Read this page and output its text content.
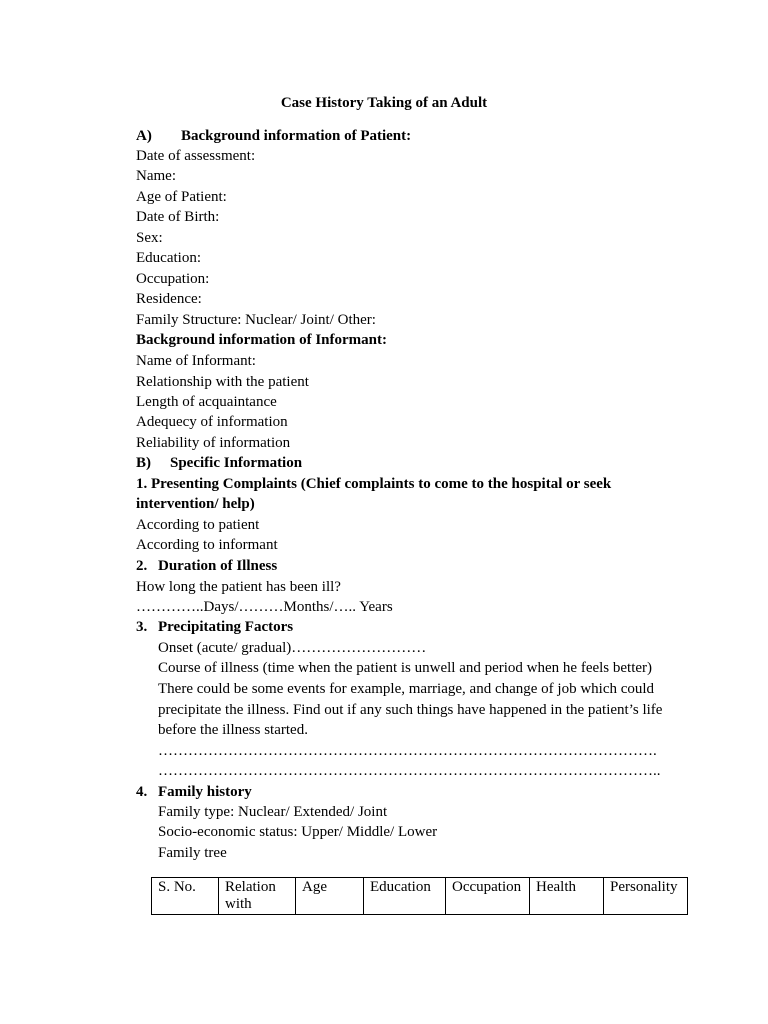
Case History Taking of an Adult
A) Background information of Patient:
Date of assessment:
Name:
Age of Patient:
Date of Birth:
Sex:
Education:
Occupation:
Residence:
Family Structure: Nuclear/ Joint/ Other:
Background information of Informant:
Name of Informant:
Relationship with the patient
Length of acquaintance
Adequecy of information
Reliability of information
B) Specific Information
1. Presenting Complaints (Chief complaints to come to the hospital or seek
intervention/ help)
According to patient
According to informant
2. Duration of Illness
How long the patient has been ill?
…………..Days/………Months/….. Years
3. Precipitating Factors
Onset (acute/ gradual)………………………
Course of illness (time when the patient is unwell and period when he feels better)
There could be some events for example, marriage, and change of job which could
precipitate the illness. Find out if any such things have happened in the patient’s life
before the illness started.
……………………………………………………………………………………….
………………………………………………………………………………………..
4. Family history
Family type: Nuclear/ Extended/ Joint
Socio-economic status: Upper/ Middle/ Lower
Family tree
S. No.	Relation with	Age	Education	Occupation	Health	Personality
